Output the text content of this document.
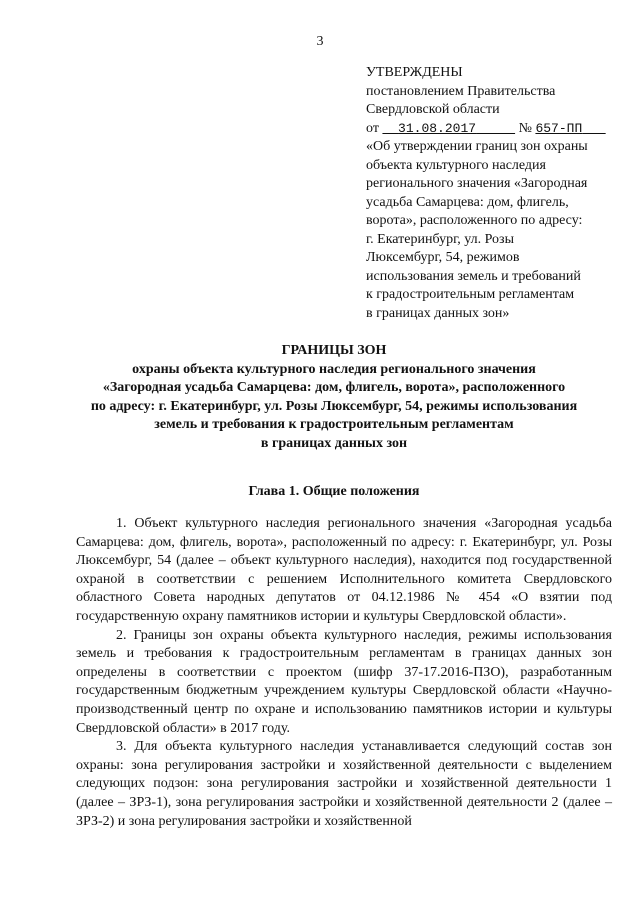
3
УТВЕРЖДЕНЫ
постановлением Правительства
Свердловской области
от 31.08.2017	№ 657-ПП
«Об утверждении границ зон охраны
объекта культурного наследия
регионального значения «Загородная
усадьба Самарцева: дом, флигель,
ворота», расположенного по адресу:
г. Екатеринбург, ул. Розы
Люксембург, 54, режимов
использования земель и требований
к градостроительным регламентам
в границах данных зон»
ГРАНИЦЫ ЗОН
охраны объекта культурного наследия регионального значения
«Загородная усадьба Самарцева: дом, флигель, ворота», расположенного
по адресу: г. Екатеринбург, ул. Розы Люксембург, 54, режимы использования
земель и требования к градостроительным регламентам
в границах данных зон
Глава 1. Общие положения

1. Объект культурного наследия регионального значения «Загородная усадьба Самарцева: дом, флигель, ворота», расположенный по адресу: г. Екатеринбург, ул. Розы Люксембург, 54 (далее – объект культурного наследия), находится под государственной охраной в соответствии с решением Исполнительного комитета Свердловского областного Совета народных депутатов от 04.12.1986 № 454 «О взятии под государственную охрану памятников истории и культуры Свердловской области».

2. Границы зон охраны объекта культурного наследия, режимы использования земель и требования к градостроительным регламентам в границах данных зон определены в соответствии с проектом (шифр 37-17.2016-ПЗО), разработанным государственным бюджетным учреждением культуры Свердловской области «Научно-производственный центр по охране и использованию памятников истории и культуры Свердловской области» в 2017 году.

3. Для объекта культурного наследия устанавливается следующий состав зон охраны: зона регулирования застройки и хозяйственной деятельности с выделением следующих подзон: зона регулирования застройки и хозяйственной деятельности 1 (далее – ЗРЗ-1), зона регулирования застройки и хозяйственной деятельности 2 (далее – ЗРЗ-2) и зона регулирования застройки и хозяйственной
